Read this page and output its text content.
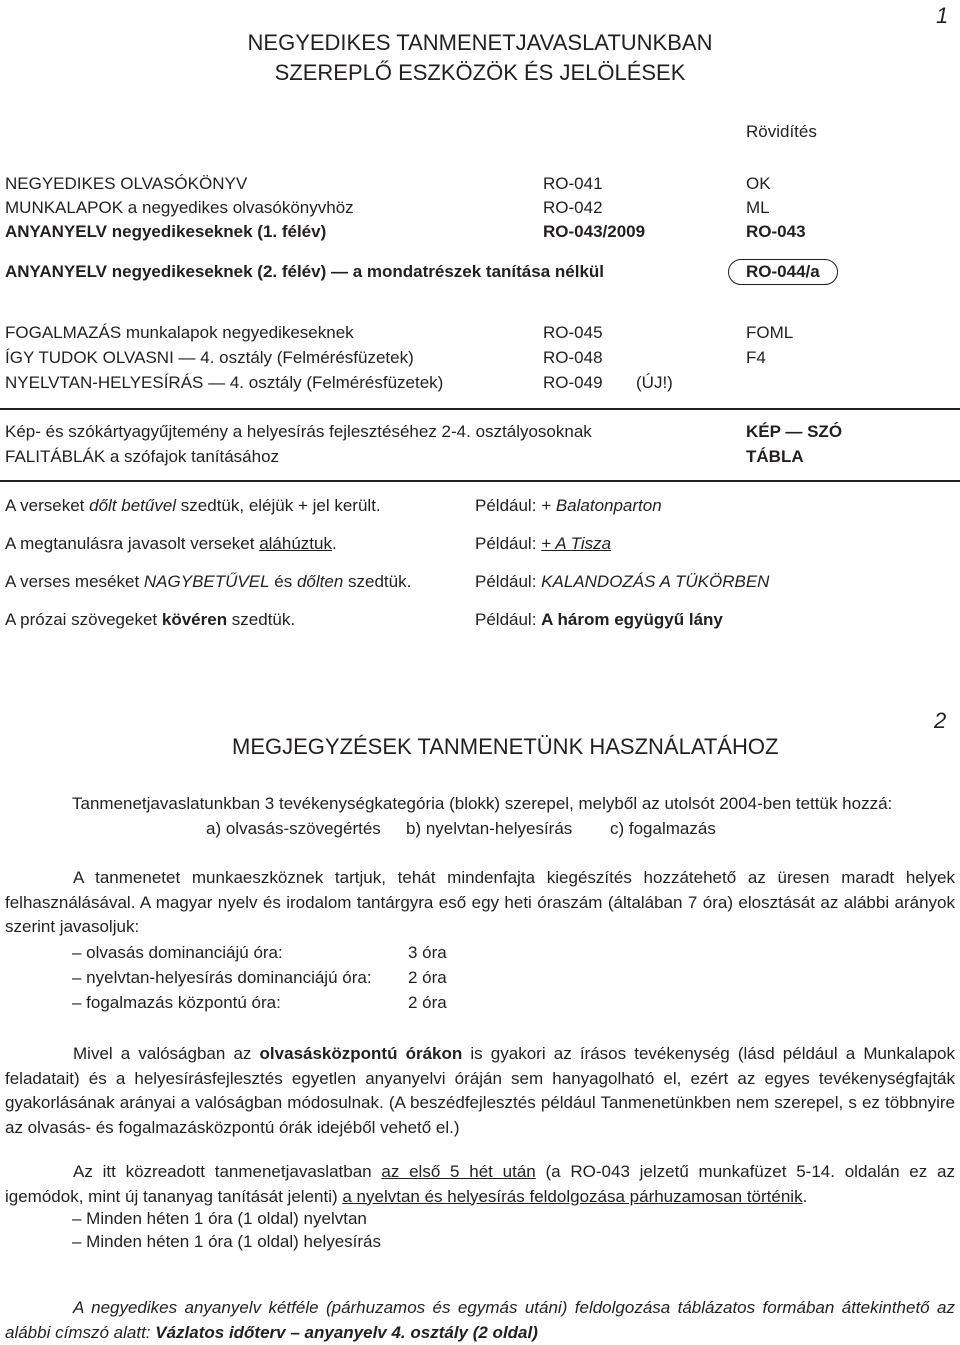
1
NEGYEDIKES TANMENETJAVASLATUNKBAN
SZEREPLŐ ESZKÖZÖK ÉS JELÖLÉSEK
Rövidítés
NEGYEDIKES OLVASÓKÖNYV	RO-041	OK
MUNKALAPOK a negyedikes olvasókönyvhöz	RO-042	ML
ANYANYELV negyedikeseknek (1. félév)	RO-043/2009	RO-043
ANYANYELV negyedikeseknek (2. félév) — a mondatrészek tanítása nélkül	RO-044/a
FOGALMAZÁS munkalapok negyedikeseknek	RO-045	FOML
ÍGY TUDOK OLVASNI — 4. osztály (Felmérésfüzetek)	RO-048	F4
NYELVTAN-HELYESÍRÁS — 4. osztály (Felmérésfüzetek)	RO-049 (ÚJ!)
Kép- és szókártyagyűjtemény a helyesírás fejlesztéséhez 2-4. osztályosoknak	KÉP — SZÓ
FALITÁBLÁK a szófajok tanításához	TÁBLA
A verseket dőlt betűvel szedtük, eléjük + jel került.	Például: + Balatonparton
A megtanulásra javasolt verseket aláhúztuk.	Például: + A Tisza
A verses meséket NAGYBETŰVEL és dőlten szedtük.	Például: KALANDOZÁS A TÜKÖRBEN
A prózai szövegeket kövéren szedtük.	Például: A három együgyű lány
2
MEGJEGYZÉSEK TANMENETÜNK HASZNÁLATÁHOZ
Tanmenetjavaslatunkban 3 tevékenységkategória (blokk) szerepel, melyből az utolsót 2004-ben tettük hozzá:
a) olvasás-szövegértés b) nyelvtan-helyesírás c) fogalmazás
A tanmenetet munkaeszköznek tartjuk, tehát mindenfajta kiegészítés hozzátehető az üresen maradt helyek felhasználásával. A magyar nyelv és irodalom tantárgyra eső egy heti óraszám (általában 7 óra) elosztását az alábbi arányok szerint javasoljuk:
– olvasás dominanciájú óra:	3 óra
– nyelvtan-helyesírás dominanciájú óra: 2 óra
– fogalmazás központú óra:	2 óra
Mivel a valóságban az olvasásközpontú órákon is gyakori az írásos tevékenység (lásd például a Munkalapok feladatait) és a helyesírásfejlesztés egyetlen anyanyelvi óráján sem hanyagolható el, ezért az egyes tevékenységfajták gyakorlásának arányai a valóságban módosulnak. (A beszédfejlesztés például Tanmenetünkben nem szerepel, s ez többnyire az olvasás- és fogalmazásközpontú órák idejéből vehető el.)
Az itt közreadott tanmenetjavaslatban az első 5 hét után (a RO-043 jelzetű munkafüzet 5-14. oldalán ez az igemódok, mint új tananyag tanítását jelenti) a nyelvtan és helyesírás feldolgozása párhuzamosan történik.
– Minden héten 1 óra (1 oldal) nyelvtan
– Minden héten 1 óra (1 oldal) helyesírás
A negyedikes anyanyelv kétféle (párhuzamos és egymás utáni) feldolgozása táblázatos formában áttekinthető az alábbi címszó alatt: Vázlatos időterv – anyanyelv 4. osztály (2 oldal)
